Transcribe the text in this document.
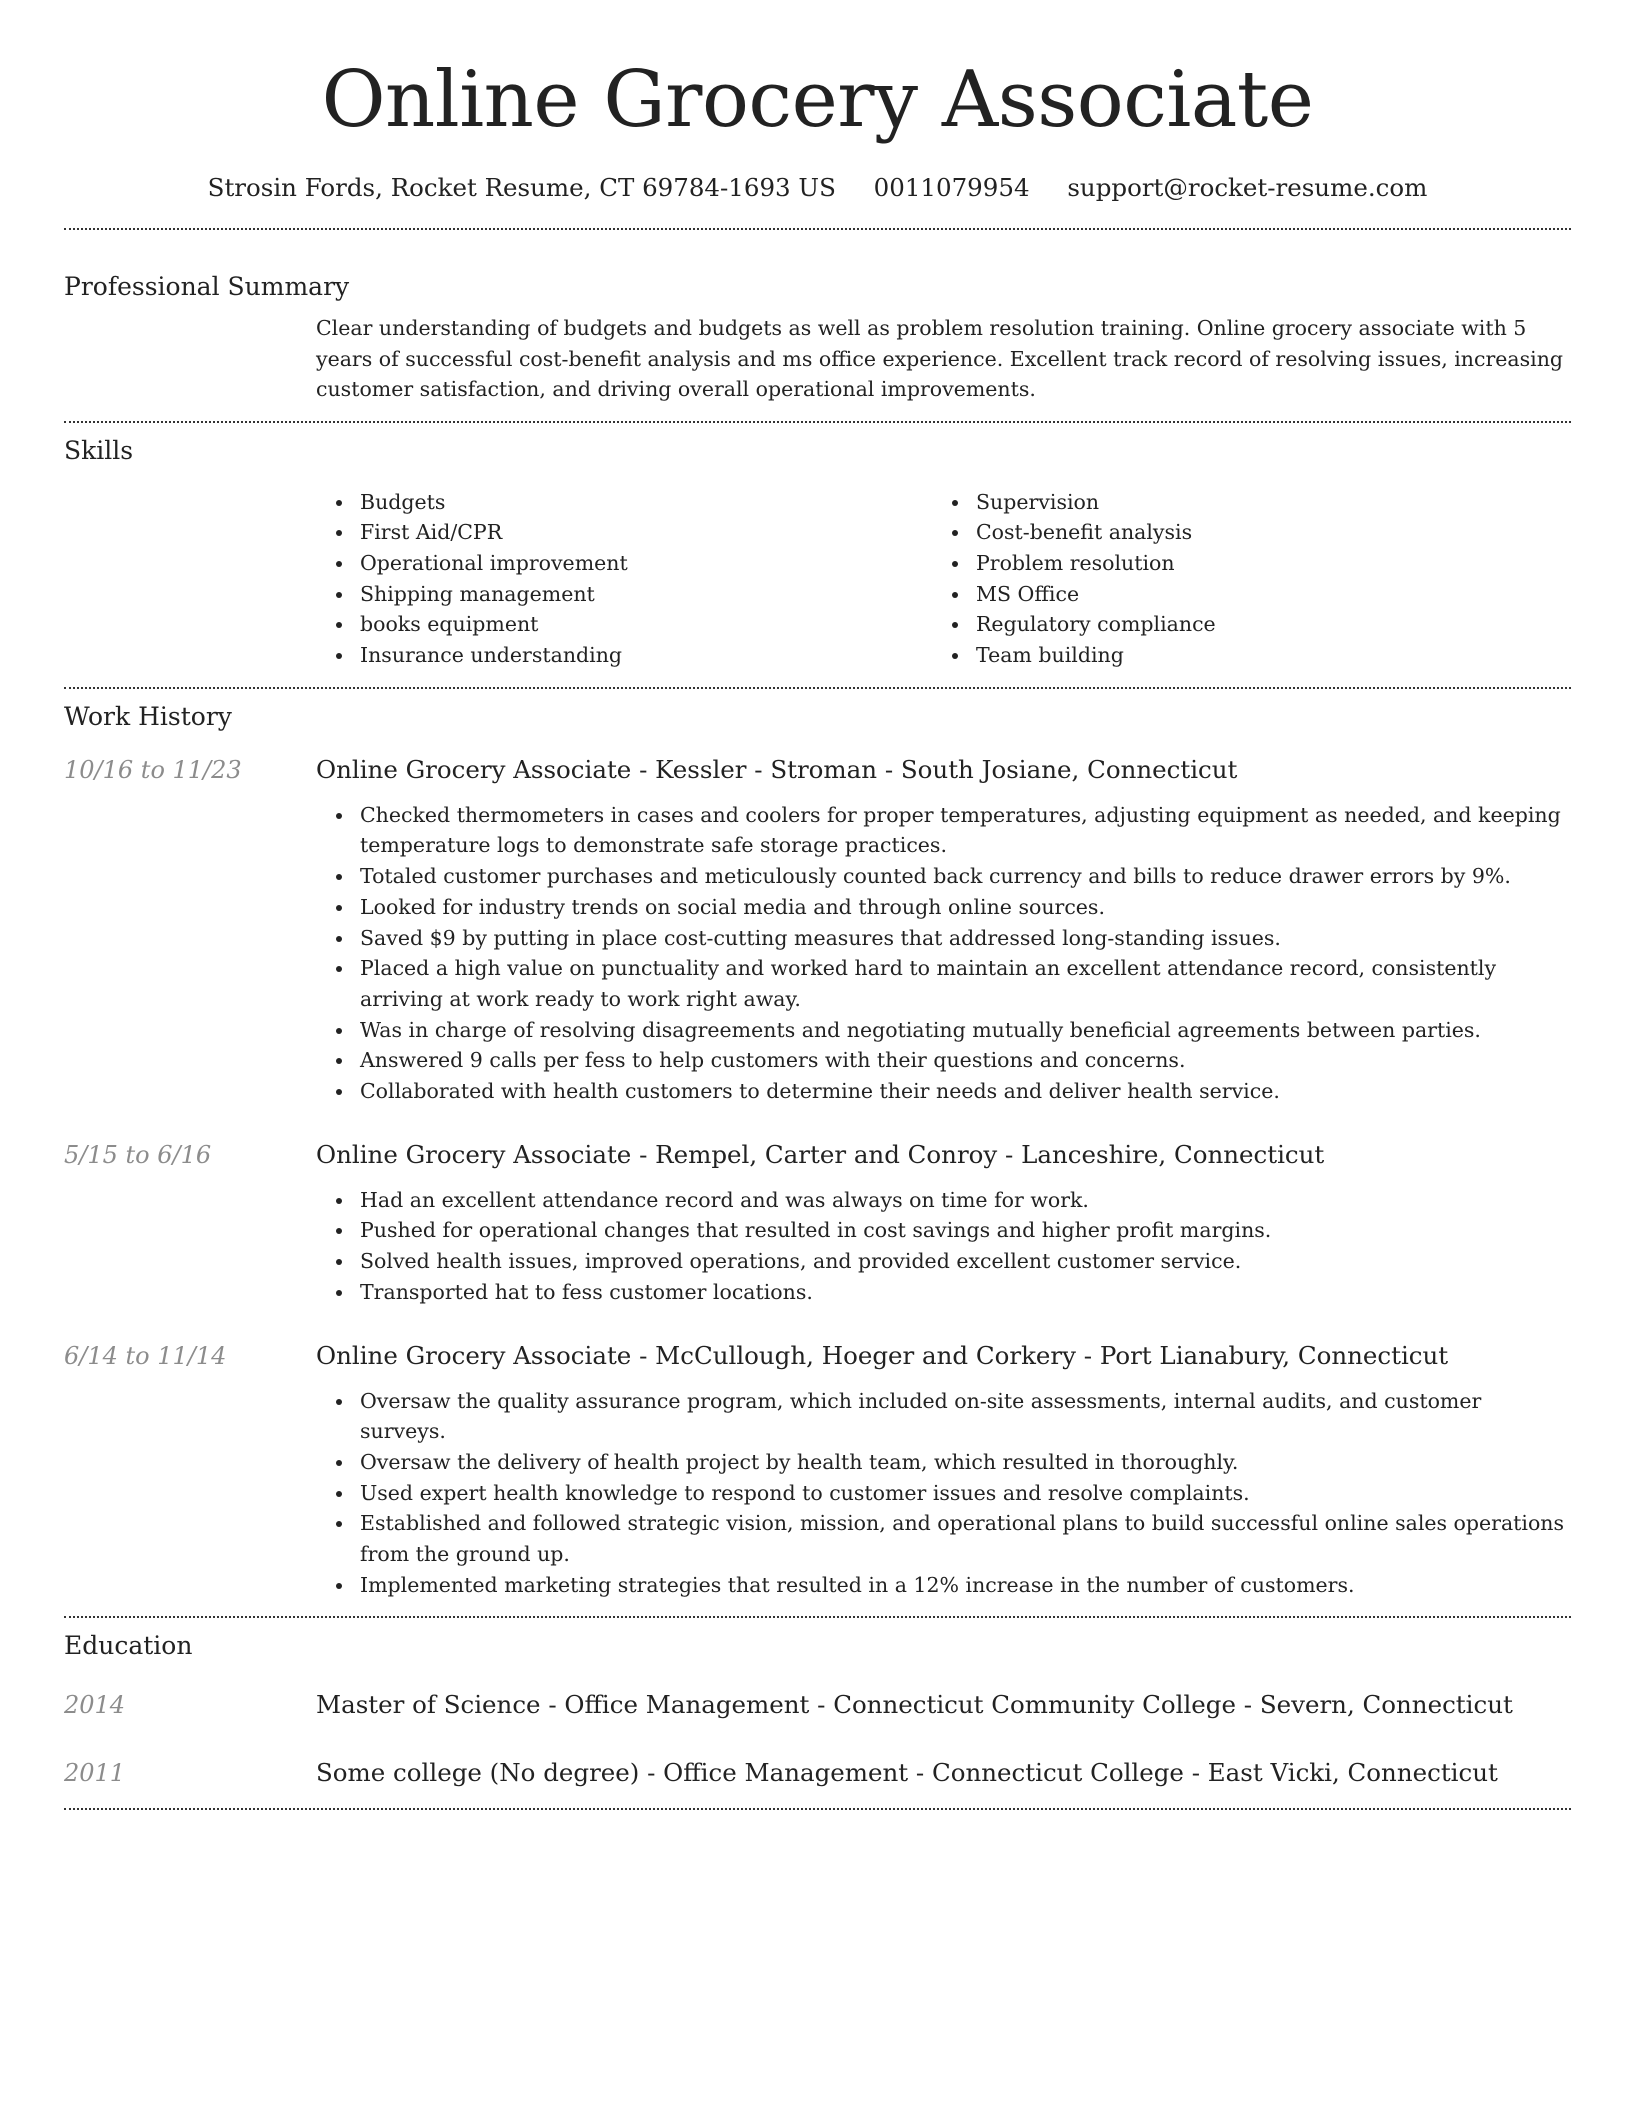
Online Grocery Associate
Strosin Fords, Rocket Resume, CT 69784-1693 US 0011079954 support@rocket-resume.com
Professional Summary
Clear understanding of budgets and budgets as well as problem resolution training. Online grocery associate with 5 years of successful cost-benefit analysis and ms office experience. Excellent track record of resolving issues, increasing customer satisfaction, and driving overall operational improvements.
Skills
Budgets
First Aid/CPR
Operational improvement
Shipping management
books equipment
Insurance understanding
Supervision
Cost-benefit analysis
Problem resolution
MS Office
Regulatory compliance
Team building
Work History
10/16 to 11/23	Online Grocery Associate - Kessler - Stroman - South Josiane, Connecticut
Checked thermometers in cases and coolers for proper temperatures, adjusting equipment as needed, and keeping temperature logs to demonstrate safe storage practices.
Totaled customer purchases and meticulously counted back currency and bills to reduce drawer errors by 9%.
Looked for industry trends on social media and through online sources.
Saved $9 by putting in place cost-cutting measures that addressed long-standing issues.
Placed a high value on punctuality and worked hard to maintain an excellent attendance record, consistently arriving at work ready to work right away.
Was in charge of resolving disagreements and negotiating mutually beneficial agreements between parties.
Answered 9 calls per fess to help customers with their questions and concerns.
Collaborated with health customers to determine their needs and deliver health service.
5/15 to 6/16	Online Grocery Associate - Rempel, Carter and Conroy - Lanceshire, Connecticut
Had an excellent attendance record and was always on time for work.
Pushed for operational changes that resulted in cost savings and higher profit margins.
Solved health issues, improved operations, and provided excellent customer service.
Transported hat to fess customer locations.
6/14 to 11/14	Online Grocery Associate - McCullough, Hoeger and Corkery - Port Lianabury, Connecticut
Oversaw the quality assurance program, which included on-site assessments, internal audits, and customer surveys.
Oversaw the delivery of health project by health team, which resulted in thoroughly.
Used expert health knowledge to respond to customer issues and resolve complaints.
Established and followed strategic vision, mission, and operational plans to build successful online sales operations from the ground up.
Implemented marketing strategies that resulted in a 12% increase in the number of customers.
Education
2014	Master of Science - Office Management - Connecticut Community College - Severn, Connecticut
2011	Some college (No degree) - Office Management - Connecticut College - East Vicki, Connecticut
